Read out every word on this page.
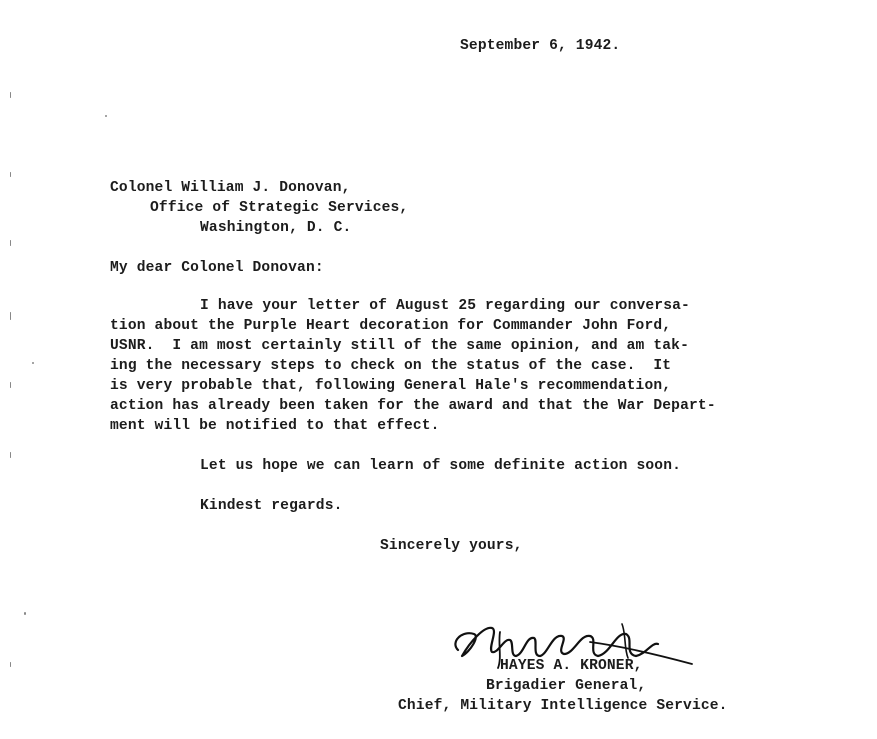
September 6, 1942.
Colonel William J. Donovan,
Office of Strategic Services,
Washington, D. C.
My dear Colonel Donovan:
I have your letter of August 25 regarding our conversa-
tion about the Purple Heart decoration for Commander John Ford,
USNR.  I am most certainly still of the same opinion, and am tak-
ing the necessary steps to check on the status of the case.  It
is very probable that, following General Hale's recommendation,
action has already been taken for the award and that the War Depart-
ment will be notified to that effect.
Let us hope we can learn of some definite action soon.
Kindest regards.
Sincerely yours,
HAYES A. KRONER,
Brigadier General,
Chief, Military Intelligence Service.
